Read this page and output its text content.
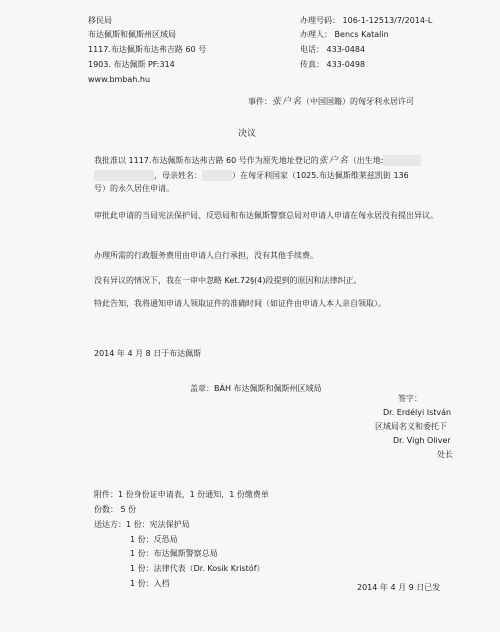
移民局
布达佩斯和佩斯州区域局
1117.布达佩斯布达弗吉路 60 号
1903. 布达佩斯 PF:314
www.bmbah.hu
办理号码： 106-1-12513/7/2014-L
办理人： Bencs Katalin
电话： 433-0484
传真： 433-0498
事件：张户名（中国国籍）的匈牙利永居许可
决议
我批准以 1117.布达佩斯布达弗吉路 60 号作为原先地址登记的张户名（出生地:
，母亲姓名：	）在匈牙利国家（1025.布达佩斯维莱兹凯街 136
号）的永久居住申请。
审批此申请的当局宪法保护局、反恐局和布达佩斯警察总局对申请人申请在匈永居没有提出异议。
办理所需的行政服务费用由申请人自行承担，没有其他手续费。
没有异议的情况下，我在一审中忽略 Ket.72§(4)段提到的原因和法律纠正。
特此告知，我将通知申请人领取证件的准确时间（如证件由申请人本人亲自领取）。
2014 年 4 月 8 日于布达佩斯
盖章：BÁH 布达佩斯和佩斯州区域局
签字：
Dr. Erdélyi István
区域局名义和委托下
Dr. Vigh Oliver
处长
附件：1 份身份证申请表，1 份通知，1 份缴费单
份数： 5 份
送达方：1 份：宪法保护局
1 份：反恐局
1 份：布达佩斯警察总局
1 份：法律代表（Dr. Kosik Kristóf）
1 份：入档	2014 年 4 月 9 日已发
